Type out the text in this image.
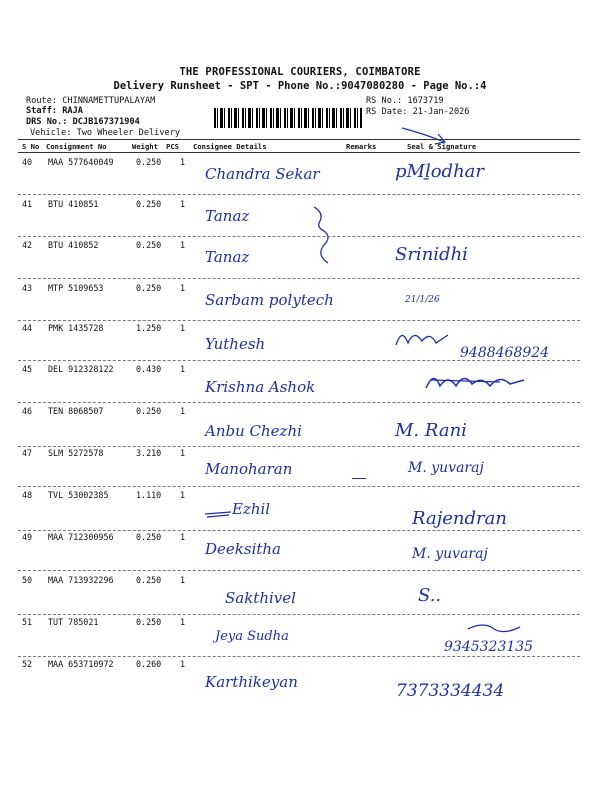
THE PROFESSIONAL COURIERS, COIMBATORE
Delivery Runsheet - SPT - Phone No.:9047080280 - Page No.:4
Route: CHINNAMETTUPALAYAM
Staff: RAJA
DRS No.: DCJB167371904
Vehicle: Two Wheeler Delivery
RS No.: 1673719
RS Date: 21-Jan-2026
S No Consignment No	Weight PCS Consignee Details	Remarks	Seal & Signature
40 MAA 577640049	0.250 1
Chandra Sekar	pMḻodhar
41 BTU 410851	0.250 1
Tanaz
42 BTU 410852	0.250 1
Tanaz	Srinidhi
43 MTP 5109653	0.250 1
Sarbam polytech	21/1/26
44 PMK 1435728	1.250 1
Yuthesh	9488468924
45 DEL 912328122	0.430 1
Krishna Ashok
46 TEN 8068507	0.250 1
Anbu Chezhi	M. Rani
47 SLM 5272578	3.210 1
Manoharan	M. yuvaraj
48 TVL 53002385	1.110 1
Ezhil	Rajendran
49 MAA 712300956	0.250 1
Deeksitha	M. yuvaraj
50 MAA 713932296	0.250 1
Sakthivel	S..
51 TUT 785021	0.250 1
Jeya Sudha
9345323135
52 MAA 653710972	0.260 1
Karthikeyan	7373334434
